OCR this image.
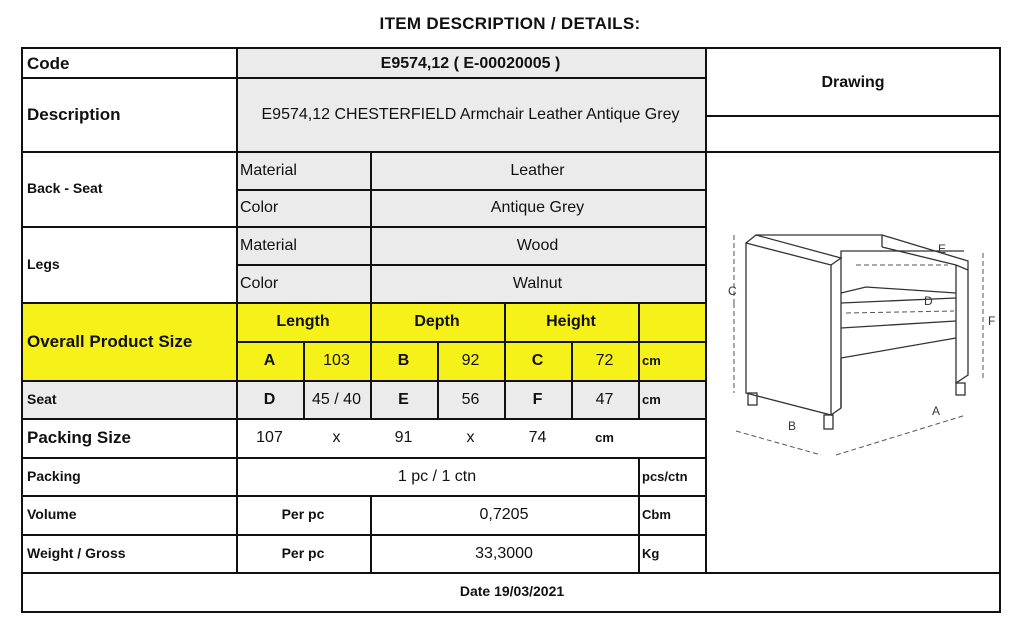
ITEM DESCRIPTION / DETAILS:
Code	E9574,12 ( E-00020005 )
Drawing
Description	E9574,12 CHESTERFIELD Armchair Leather Antique Grey
Back - Seat
Material	Leather
Color	Antique Grey
Legs
Material	Wood
Color	Walnut
Overall Product Size
Length	Depth	Height
A	103	B	92	C	72	cm
Seat	D	45 / 40	E	56	F	47	cm
Packing Size	107	x	91	x	74	cm
Packing	1 pc / 1 ctn	pcs/ctn
Volume	Per pc	0,7205	Cbm
Weight / Gross	Per pc	33,3000	Kg
Date 19/03/2021
C
F
E
D
B
A
